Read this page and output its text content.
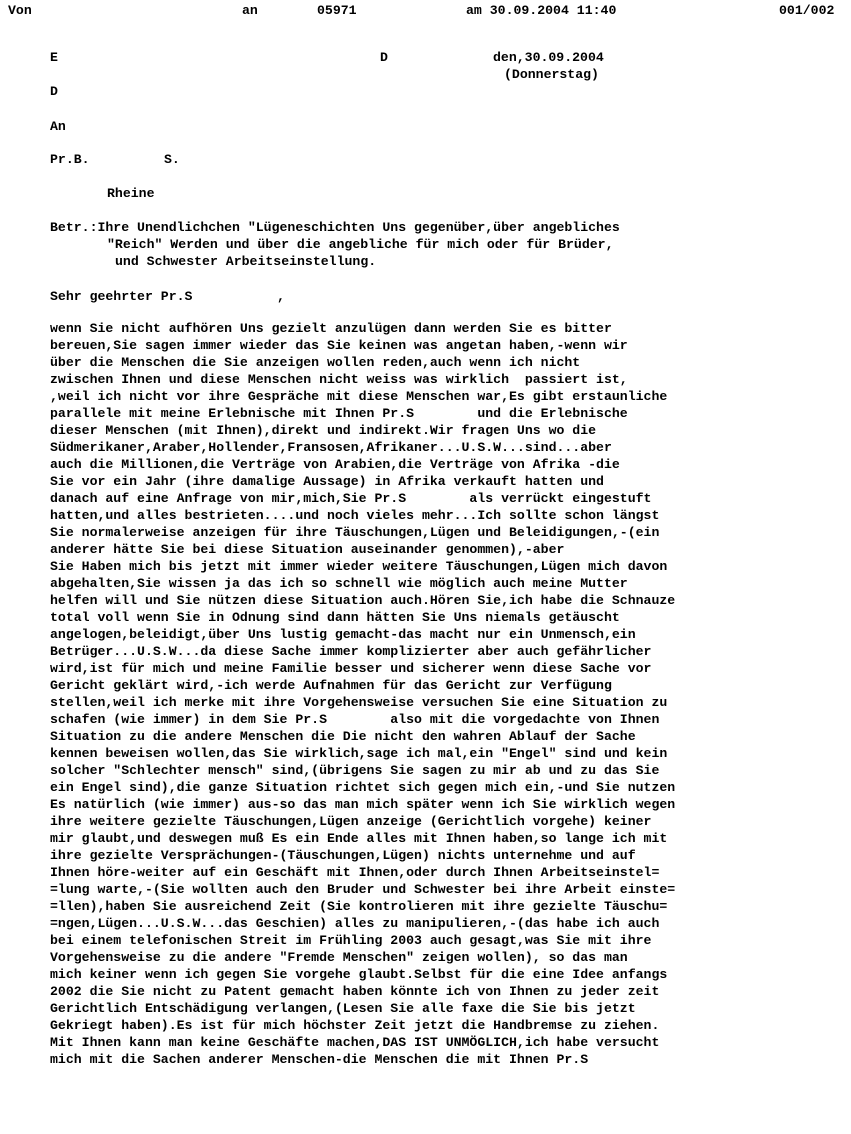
Von	an	05971	am 30.09.2004 11:40	001/002
E	D	den,30.09.2004
(Donnerstag)
D
An
Pr.B.	S.
Rheine
Betr.:Ihre Unendlichchen "Lügeneschichten Uns gegenüber,über angebliches
"Reich" Werden und über die angebliche für mich oder für Brüder,
und Schwester Arbeitseinstellung.
Sehr geehrter Pr.S	,
wenn Sie nicht aufhören Uns gezielt anzulügen dann werden Sie es bitter
bereuen,Sie sagen immer wieder das Sie keinen was angetan haben,-wenn wir
über die Menschen die Sie anzeigen wollen reden,auch wenn ich nicht
zwischen Ihnen und diese Menschen nicht weiss was wirklich  passiert ist,
,weil ich nicht vor ihre Gespräche mit diese Menschen war,Es gibt erstaunliche
parallele mit meine Erlebnische mit Ihnen Pr.S        und die Erlebnische
dieser Menschen (mit Ihnen),direkt und indirekt.Wir fragen Uns wo die
Südmerikaner,Araber,Hollender,Fransosen,Afrikaner...U.S.W...sind...aber
auch die Millionen,die Verträge von Arabien,die Verträge von Afrika -die
Sie vor ein Jahr (ihre damalige Aussage) in Afrika verkauft hatten und
danach auf eine Anfrage von mir,mich,Sie Pr.S        als verrückt eingestuft
hatten,und alles bestrieten....und noch vieles mehr...Ich sollte schon längst
Sie normalerweise anzeigen für ihre Täuschungen,Lügen und Beleidigungen,-(ein
anderer hätte Sie bei diese Situation auseinander genommen),-aber
Sie Haben mich bis jetzt mit immer wieder weitere Täuschungen,Lügen mich davon
abgehalten,Sie wissen ja das ich so schnell wie möglich auch meine Mutter
helfen will und Sie nützen diese Situation auch.Hören Sie,ich habe die Schnauze
total voll wenn Sie in Odnung sind dann hätten Sie Uns niemals getäuscht
angelogen,beleidigt,über Uns lustig gemacht-das macht nur ein Unmensch,ein
Betrüger...U.S.W...da diese Sache immer komplizierter aber auch gefährlicher
wird,ist für mich und meine Familie besser und sicherer wenn diese Sache vor
Gericht geklärt wird,-ich werde Aufnahmen für das Gericht zur Verfügung
stellen,weil ich merke mit ihre Vorgehensweise versuchen Sie eine Situation zu
schafen (wie immer) in dem Sie Pr.S        also mit die vorgedachte von Ihnen
Situation zu die andere Menschen die Die nicht den wahren Ablauf der Sache
kennen beweisen wollen,das Sie wirklich,sage ich mal,ein "Engel" sind und kein
solcher "Schlechter mensch" sind,(übrigens Sie sagen zu mir ab und zu das Sie
ein Engel sind),die ganze Situation richtet sich gegen mich ein,-und Sie nutzen
Es natürlich (wie immer) aus-so das man mich später wenn ich Sie wirklich wegen
ihre weitere gezielte Täuschungen,Lügen anzeige (Gerichtlich vorgehe) keiner
mir glaubt,und deswegen muß Es ein Ende alles mit Ihnen haben,so lange ich mit
ihre gezielte Versprächungen-(Täuschungen,Lügen) nichts unternehme und auf
Ihnen höre-weiter auf ein Geschäft mit Ihnen,oder durch Ihnen Arbeitseinstel=
=lung warte,-(Sie wollten auch den Bruder und Schwester bei ihre Arbeit einste=
=llen),haben Sie ausreichend Zeit (Sie kontrolieren mit ihre gezielte Täuschu=
=ngen,Lügen...U.S.W...das Geschien) alles zu manipulieren,-(das habe ich auch
bei einem telefonischen Streit im Frühling 2003 auch gesagt,was Sie mit ihre
Vorgehensweise zu die andere "Fremde Menschen" zeigen wollen), so das man
mich keiner wenn ich gegen Sie vorgehe glaubt.Selbst für die eine Idee anfangs
2002 die Sie nicht zu Patent gemacht haben könnte ich von Ihnen zu jeder zeit
Gerichtlich Entschädigung verlangen,(Lesen Sie alle faxe die Sie bis jetzt
Gekriegt haben).Es ist für mich höchster Zeit jetzt die Handbremse zu ziehen.
Mit Ihnen kann man keine Geschäfte machen,DAS IST UNMÖGLICH,ich habe versucht
mich mit die Sachen anderer Menschen-die Menschen die mit Ihnen Pr.S
